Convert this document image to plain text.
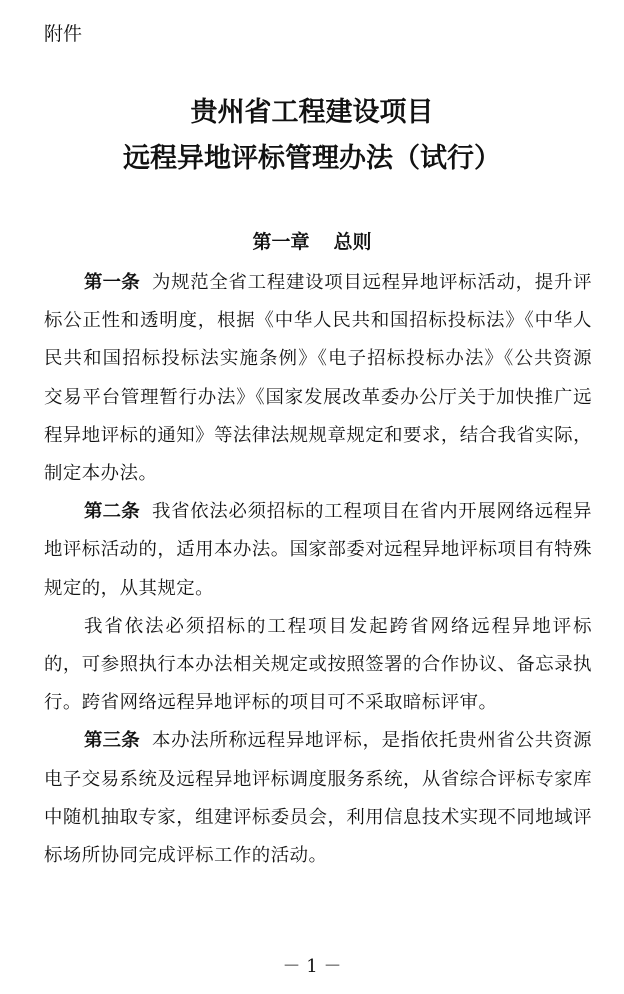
附件
贵州省工程建设项目
远程异地评标管理办法（试行）
第一章 总则

第一条 为规范全省工程建设项目远程异地评标活动，提升评标公正性和透明度，根据《中华人民共和国招标投标法》《中华人民共和国招标投标法实施条例》《电子招标投标办法》《公共资源交易平台管理暂行办法》《国家发展改革委办公厅关于加快推广远程异地评标的通知》等法律法规规章规定和要求，结合我省实际，制定本办法。

第二条 我省依法必须招标的工程项目在省内开展网络远程异地评标活动的，适用本办法。国家部委对远程异地评标项目有特殊规定的，从其规定。

我省依法必须招标的工程项目发起跨省网络远程异地评标的，可参照执行本办法相关规定或按照签署的合作协议、备忘录执行。跨省网络远程异地评标的项目可不采取暗标评审。

第三条 本办法所称远程异地评标，是指依托贵州省公共资源电子交易系统及远程异地评标调度服务系统，从省综合评标专家库中随机抽取专家，组建评标委员会，利用信息技术实现不同地域评标场所协同完成评标工作的活动。

－ 1 －
